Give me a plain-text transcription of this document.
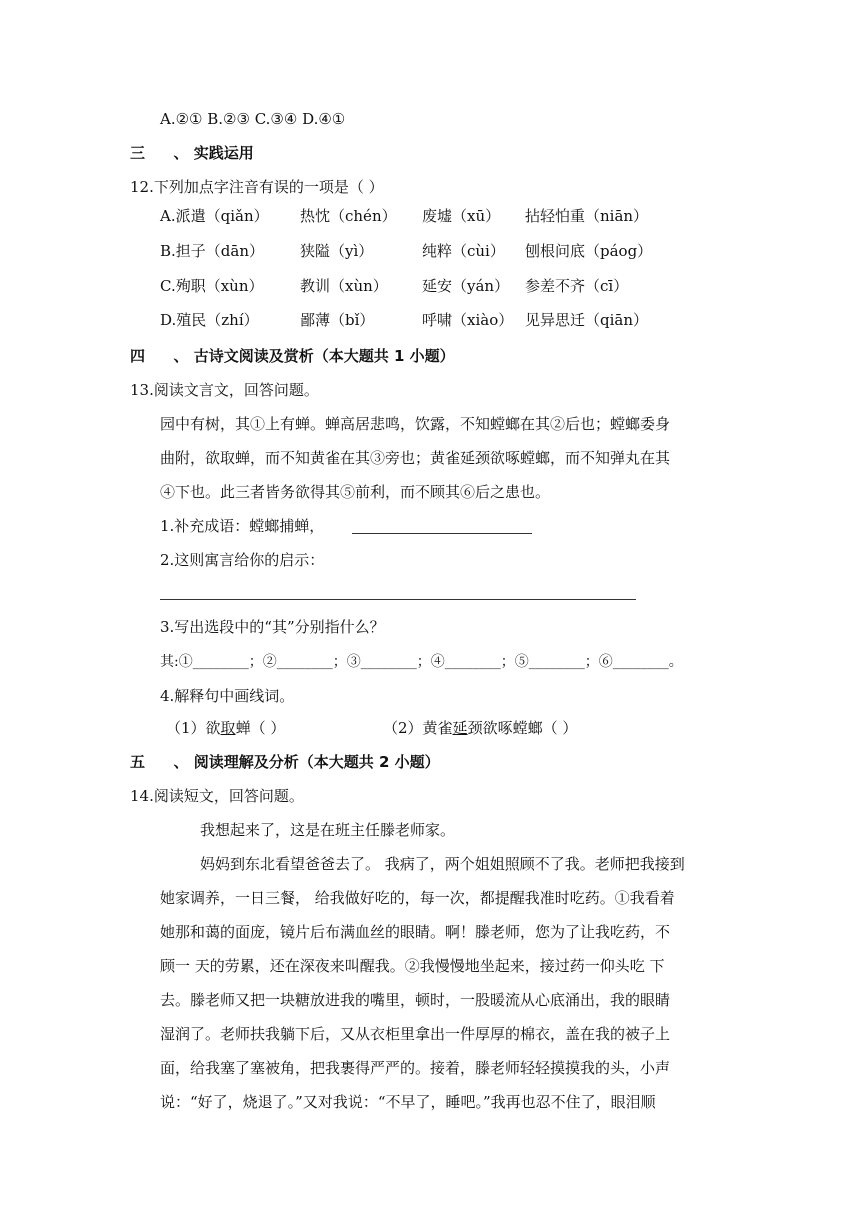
A.②① B.②③ C.③④ D.④①
三 、 实践运用
12.下列加点字注音有误的一项是（ ）
A.派遣（qiǎn） 热忱（chén） 废墟（xū） 拈轻怕重（niān）
B.担子（dān） 狭隘（yì）	纯粹（cùi） 刨根问底（páog）
C.殉职（xùn） 教训（xùn） 延安（yán） 参差不齐（cī）
D.殖民（zhí）	鄙薄（bǐ）	呼啸（xiào） 见异思迁（qiān）
四 、 古诗文阅读及赏析（本大题共 1 小题）
13.阅读文言文，回答问题。
园中有树，其①上有蝉。蝉高居悲鸣，饮露，不知螳螂在其②后也；螳螂委身
曲附，欲取蝉，而不知黄雀在其③旁也；黄雀延颈欲啄螳螂，而不知弹丸在其
④下也。此三者皆务欲得其⑤前利，而不顾其⑥后之患也。
1.补充成语：螳螂捕蝉，
2.这则寓言给你的启示：
3.写出选段中的“其”分别指什么？
其:①________；②________；③________；④________；⑤________；⑥________。
4.解释句中画线词。
（1）欲取蝉（ ）	（2）黄雀延颈欲啄螳螂（ ）
五 、 阅读理解及分析（本大题共 2 小题）
14.阅读短文，回答问题。
我想起来了，这是在班主任滕老师家。
妈妈到东北看望爸爸去了。 我病了，两个姐姐照顾不了我。老师把我接到
她家调养，一日三餐， 给我做好吃的，每一次，都提醒我准时吃药。①我看着
她那和蔼的面庞，镜片后布满血丝的眼睛。啊！滕老师，您为了让我吃药，不
顾一 天的劳累，还在深夜来叫醒我。②我慢慢地坐起来，接过药一仰头吃 下
去。滕老师又把一块糖放进我的嘴里，顿时，一股暖流从心底涌出，我的眼睛
湿润了。老师扶我躺下后，又从衣柜里拿出一件厚厚的棉衣，盖在我的被子上
面，给我塞了塞被角，把我裹得严严的。接着，滕老师轻轻摸摸我的头，小声
说：“好了，烧退了。”又对我说：“不早了，睡吧。”我再也忍不住了，眼泪顺
